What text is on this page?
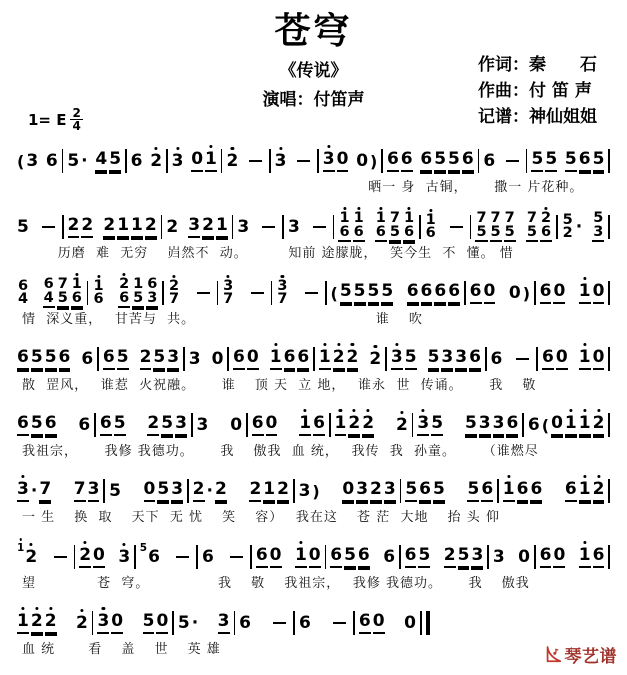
苍穹
《传说》
演唱：付笛声
作词：秦　　石
作曲：付 笛 声
记谱：神仙姐姐
1= E $\frac{2}{4}$
( 3 6 5 · 4 5 6 2 3 0 1 2 3 3 0 0 ) 6 6 6 5 5 6 6 5 5 5 6 5
晒一 身  古铜，　　 撒一 片花种。
5 2 2 2 1 1 2 2 3 2 1 3 3	1
6
1
6
1
6
7
5
1
6
1
6
7
5
7
5
7
5
7
5
2
6
5
2 · 5
3
历磨  难  无穷　 岿然不  动。　　　 知前 途朦胧，　 笑今生  不  懂。 惜
6
4
6
4
7
5
1
6
1
6
2
6
1
5
6
3
2
7
3
7
3
7	( 5 5 5 5 6 6 6 6 6 0 0 ) 6 0 1 0
情  深义重，　 甘苦与  共。　　　　　　　　　　　　　 谁　 吹
6 5 5 6 6 6 5 2 5 3 3 0 6 0 1 6 6 1 2 2 2 3 5 5 3 3 6 6 6 0 1 0
散  罡风，　 谁惹  火祝融。　　 谁　 顶 天  立 地，　 谁永  世  传诵。　　 我　 敬
6 5 6 6 6 5 2 5 3 3 0 6 0 1 6 1 2 2 2 3 5 5 3 3 6 6 ( 0 1 1 2
我祖宗，　　 我修 我德功。　　 我　 傲我  血 统，　 我传  我  孙童。　　 （谁燃尽
3 · 7 7 3 5 0 5 3 2 · 2 2 1 2 3 ) 0 3 2 3 5 6 5 5 6 1 6 6 6 1 2
一 生　 换  取　 天下  无 忧　 笑　 容）　 我在这　 苍 茫  大地　 抬 头 仰
1 2 2 0 3 5 6 6 6 0 1 0 6 5 6 6 6 5 2 5 3 3 0 6 0 1 6
望　　　　 苍  穹。　　　　　 我　 敬　 我祖宗，　 我修 我德功。　　 我　 傲我
1 2 2 2 3 0 5 0 5 · 3 6	6	6 0 0
血 统　　 看　 盖　 世　 英 雄	琴艺谱
